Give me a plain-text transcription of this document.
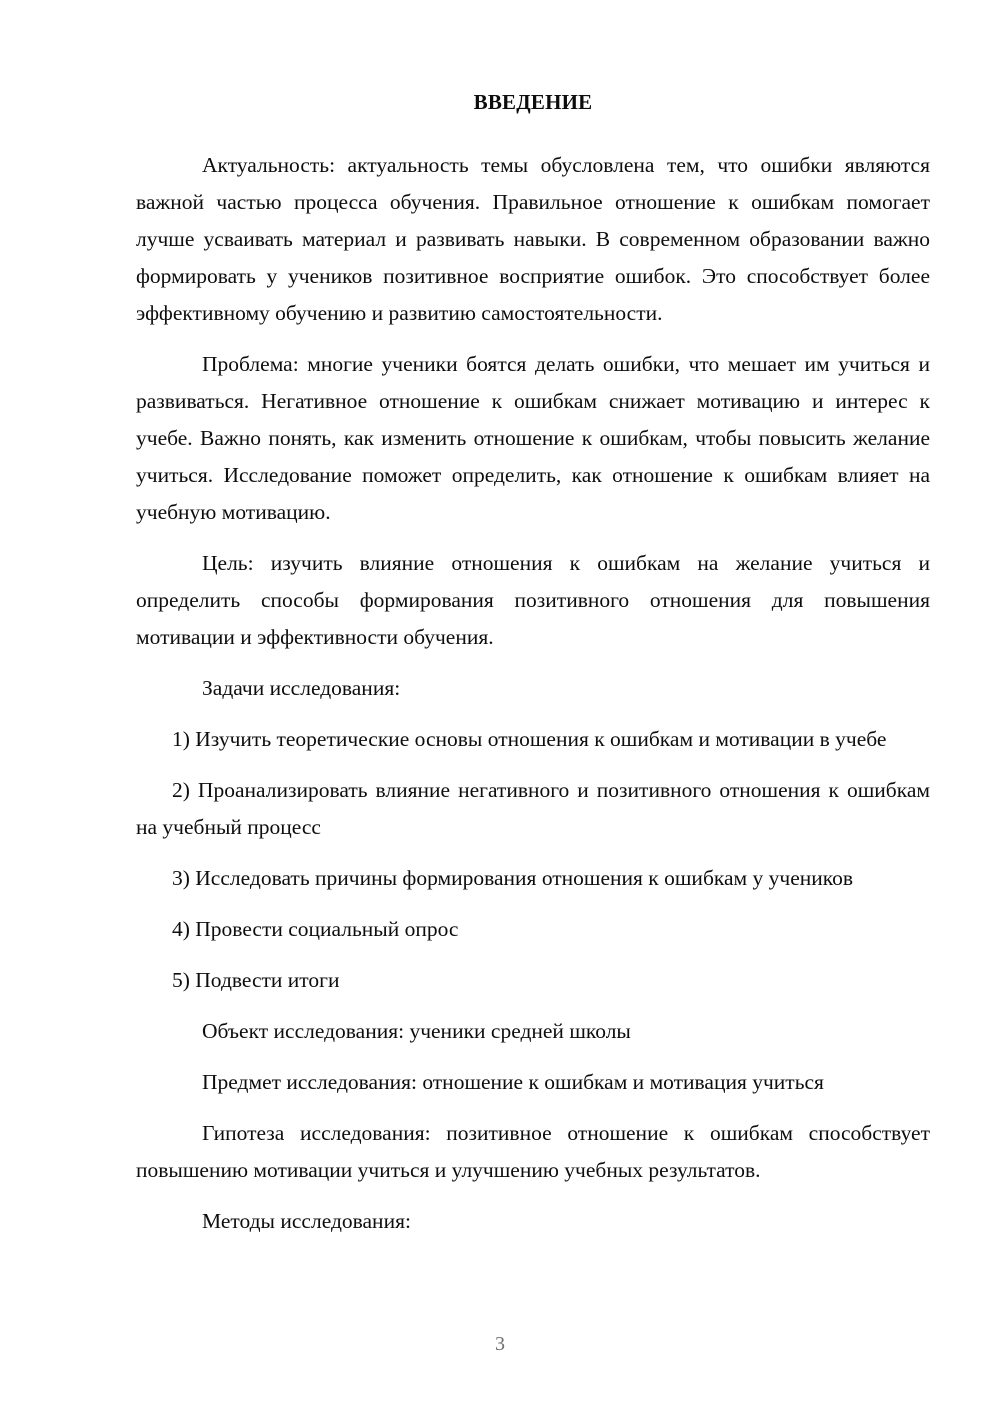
ВВЕДЕНИЕ

Актуальность: актуальность темы обусловлена тем, что ошибки являются важной частью процесса обучения. Правильное отношение к ошибкам помогает лучше усваивать материал и развивать навыки. В современном образовании важно формировать у учеников позитивное восприятие ошибок. Это способствует более эффективному обучению и развитию самостоятельности.

Проблема: многие ученики боятся делать ошибки, что мешает им учиться и развиваться. Негативное отношение к ошибкам снижает мотивацию и интерес к учебе. Важно понять, как изменить отношение к ошибкам, чтобы повысить желание учиться. Исследование поможет определить, как отношение к ошибкам влияет на учебную мотивацию.

Цель: изучить влияние отношения к ошибкам на желание учиться и определить способы формирования позитивного отношения для повышения мотивации и эффективности обучения.

Задачи исследования:

1) Изучить теоретические основы отношения к ошибкам и мотивации в учебе

2) Проанализировать влияние негативного и позитивного отношения к ошибкам на учебный процесс

3) Исследовать причины формирования отношения к ошибкам у учеников

4) Провести социальный опрос

5) Подвести итоги

Объект исследования: ученики средней школы

Предмет исследования: отношение к ошибкам и мотивация учиться

Гипотеза исследования: позитивное отношение к ошибкам способствует повышению мотивации учиться и улучшению учебных результатов.

Методы исследования:

3
